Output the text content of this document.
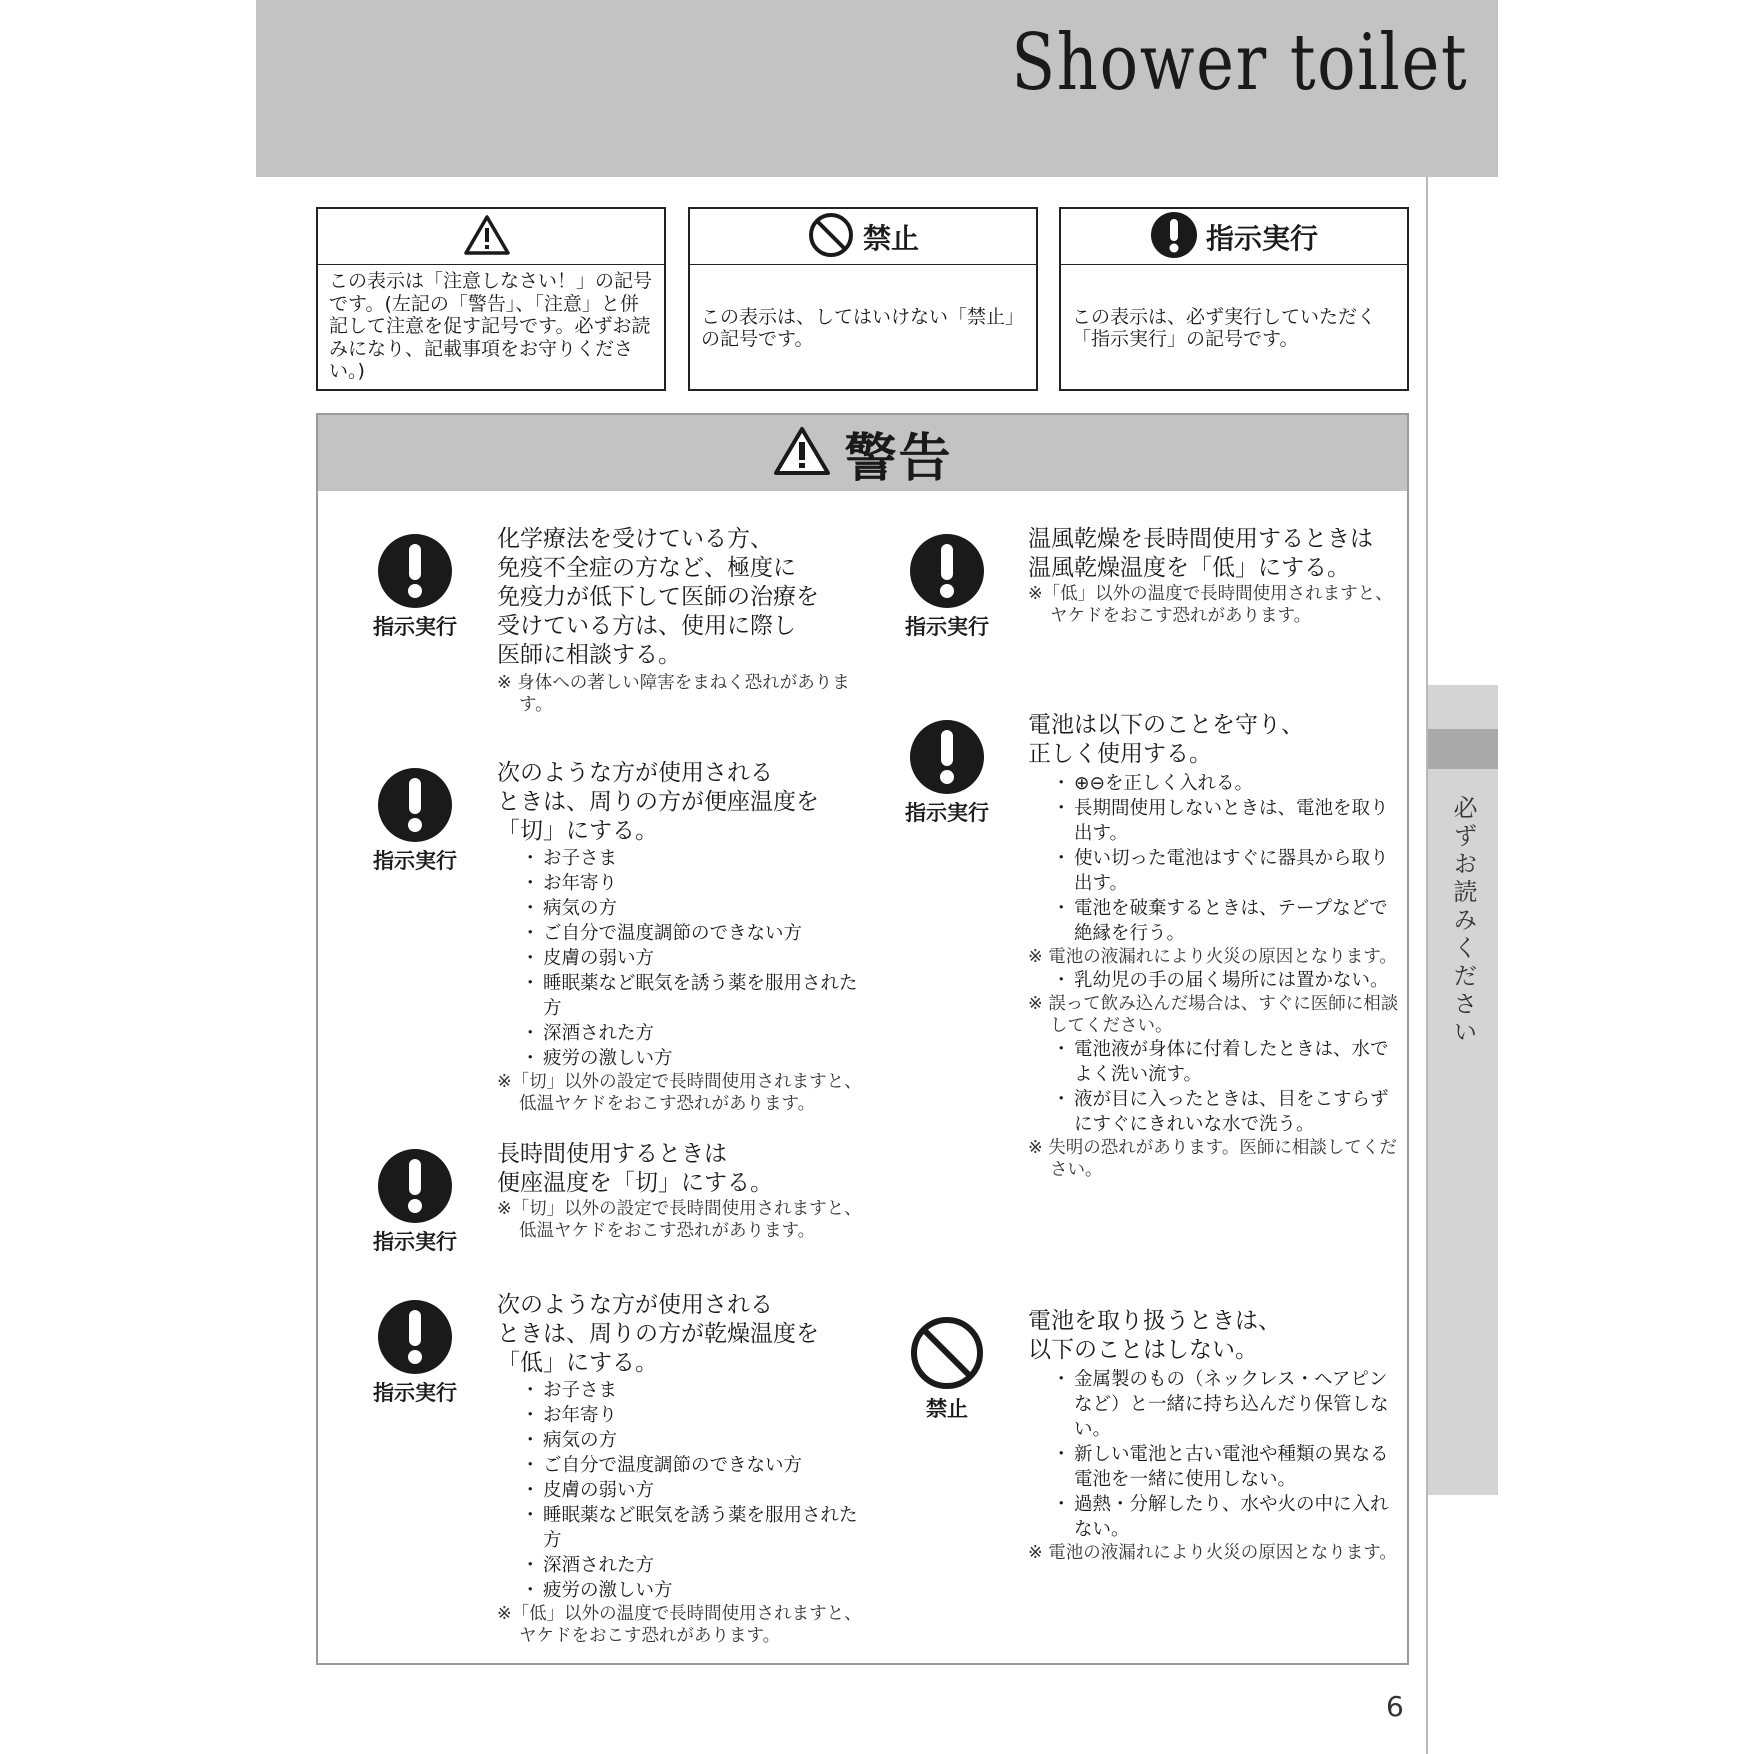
Shower toilet
必ずお読みください
この表示は「注意しなさい！」の記号です。(左記の「警告」、「注意」と併記して注意を促す記号です。必ずお読みになり、記載事項をお守りください。)
禁止
この表示は、してはいけない「禁止」の記号です。
指示実行
この表示は、必ず実行していただく「指示実行」の記号です。
警告
指示実行
化学療法を受けている方、
免疫不全症の方など、極度に
免疫力が低下して医師の治療を
受けている方は、使用に際し
医師に相談する。
※ 身体への著しい障害をまねく恐れがあります。
指示実行
次のような方が使用される
ときは、周りの方が便座温度を
「切」にする。
・ お子さま
・ お年寄り
・ 病気の方
・ ご自分で温度調節のできない方
・ 皮膚の弱い方
・ 睡眠薬など眠気を誘う薬を服用された方
・ 深酒された方
・ 疲労の激しい方
※「切」以外の設定で長時間使用されますと、低温ヤケドをおこす恐れがあります。
指示実行
長時間使用するときは
便座温度を「切」にする。
※「切」以外の設定で長時間使用されますと、低温ヤケドをおこす恐れがあります。
指示実行
次のような方が使用される
ときは、周りの方が乾燥温度を
「低」にする。
・ お子さま
・ お年寄り
・ 病気の方
・ ご自分で温度調節のできない方
・ 皮膚の弱い方
・ 睡眠薬など眠気を誘う薬を服用された方
・ 深酒された方
・ 疲労の激しい方
※「低」以外の温度で長時間使用されますと、ヤケドをおこす恐れがあります。
指示実行
温風乾燥を長時間使用するときは
温風乾燥温度を「低」にする。
※「低」以外の温度で長時間使用されますと、ヤケドをおこす恐れがあります。
指示実行
電池は以下のことを守り、
正しく使用する。
・ ⊕⊖を正しく入れる。
・ 長期間使用しないときは、電池を取り出す。
・ 使い切った電池はすぐに器具から取り出す。
・ 電池を破棄するときは、テープなどで絶縁を行う。
※ 電池の液漏れにより火災の原因となります。
・ 乳幼児の手の届く場所には置かない。
※ 誤って飲み込んだ場合は、すぐに医師に相談してください。
・ 電池液が身体に付着したときは、水でよく洗い流す。
・ 液が目に入ったときは、目をこすらずにすぐにきれいな水で洗う。
※ 失明の恐れがあります。医師に相談してください。
禁止
電池を取り扱うときは、
以下のことはしない。
・ 金属製のもの（ネックレス・ヘアピンなど）と一緒に持ち込んだり保管しない。
・ 新しい電池と古い電池や種類の異なる電池を一緒に使用しない。
・ 過熱・分解したり、水や火の中に入れない。
※ 電池の液漏れにより火災の原因となります。
6
